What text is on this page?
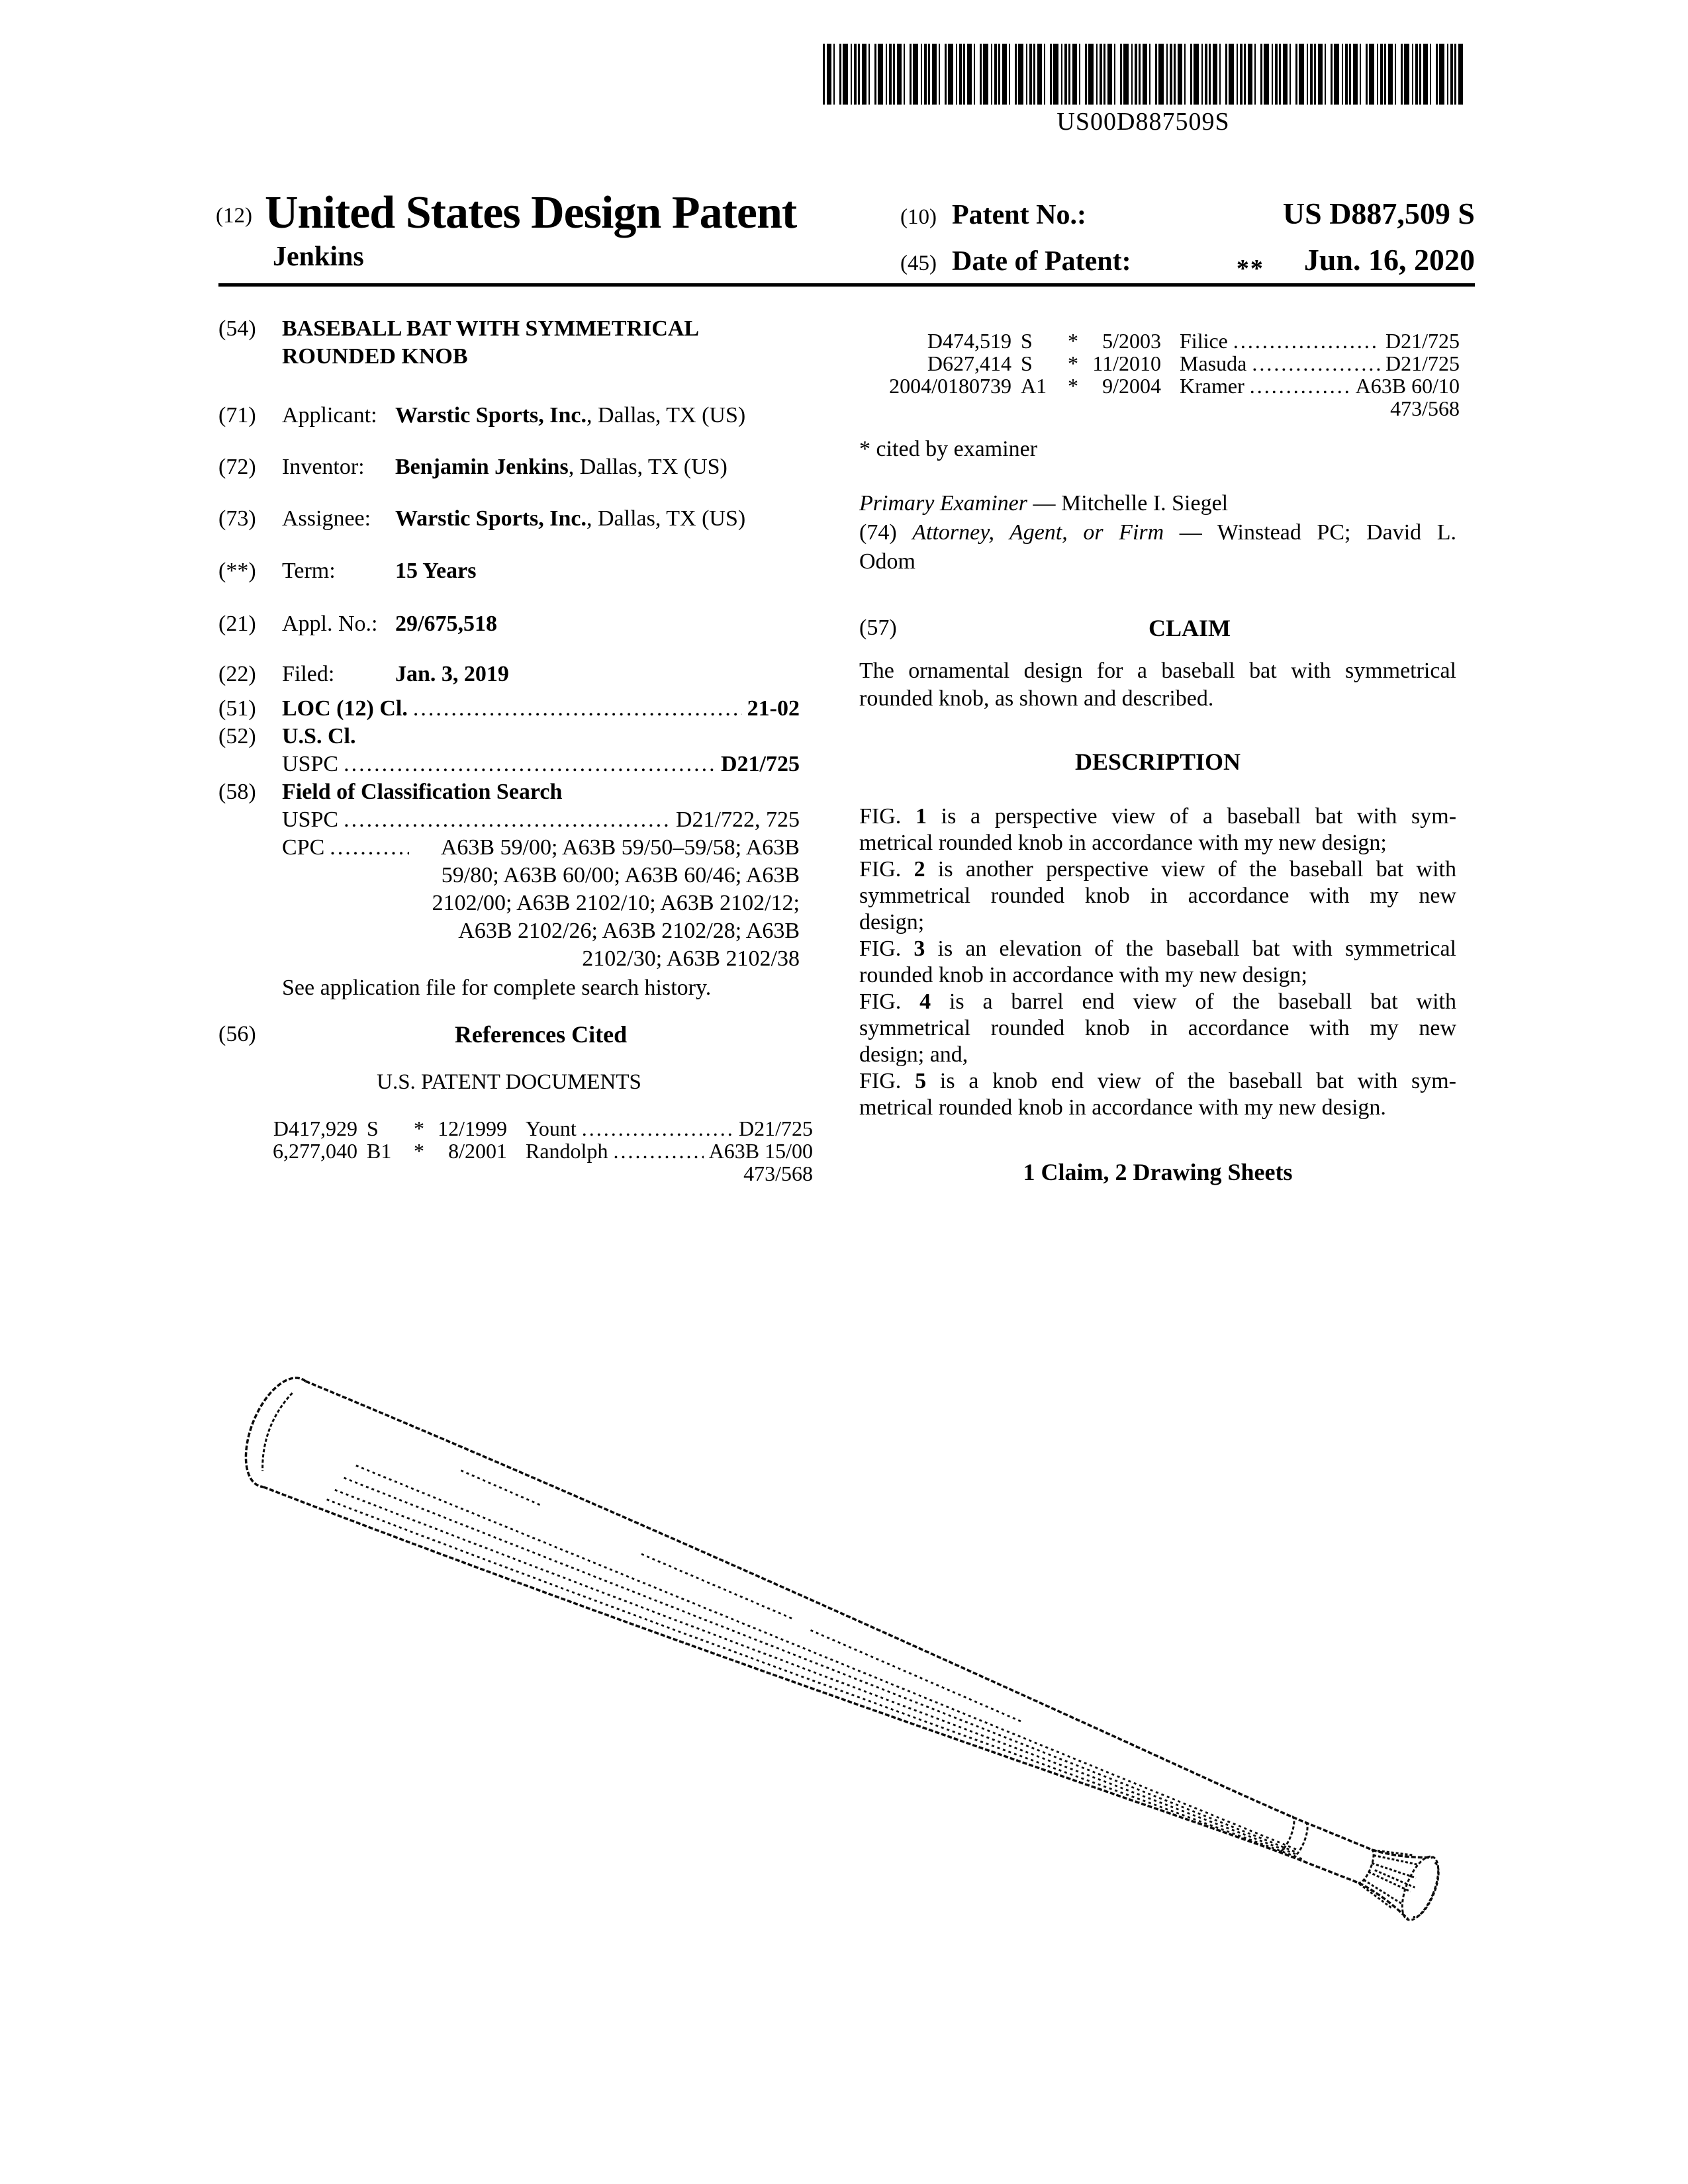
US00D887509S
(12) United States Design Patent
Jenkins
(10) Patent No.:	US D887,509 S
(45) Date of Patent:	** Jun. 16, 2020
(54)	BASEBALL BAT WITH SYMMETRICAL
ROUNDED KNOB
(71)	Applicant: Warstic Sports, Inc., Dallas, TX (US)
(72)	Inventor:	Benjamin Jenkins, Dallas, TX (US)
(73)	Assignee:	Warstic Sports, Inc., Dallas, TX (US)
(**)	Term:	15 Years
(21)	Appl. No.: 29/675,518
(22)	Filed:	Jan. 3, 2019
(51)	LOC (12) Cl. .....	21-02
(52)	U.S. Cl.
USPC .....	D21/725
(58)	Field of Classification Search
USPC .....	D21/722, 725
CPC .....	A63B 59/00; A63B 59/50–59/58; A63B
59/80; A63B 60/00; A63B 60/46; A63B
2102/00; A63B 2102/10; A63B 2102/12;
A63B 2102/26; A63B 2102/28; A63B
2102/30; A63B 2102/38
See application file for complete search history.
(56)	References Cited
U.S. PATENT DOCUMENTS
D417,929 S	* 12/1999 Yount .....	D21/725
6,277,040 B1	*	8/2001 Randolph .....	A63B 15/00
473/568
D474,519 S	*	5/2003 Filice .....	D21/725
D627,414 S	* 11/2010 Masuda .....	D21/725
2004/0180739 A1 *	9/2004 Kramer .....	A63B 60/10
473/568
* cited by examiner
Primary Examiner — Mitchelle I. Siegel
(74) Attorney, Agent, or Firm — Winstead PC; David L.
Odom
(57)	CLAIM
The ornamental design for a baseball bat with symmetrical
rounded knob, as shown and described.
DESCRIPTION
FIG. 1 is a perspective view of a baseball bat with sym-
metrical rounded knob in accordance with my new design;
FIG. 2 is another perspective view of the baseball bat with
symmetrical rounded knob in accordance with my new
design;
FIG. 3 is an elevation of the baseball bat with symmetrical
rounded knob in accordance with my new design;
FIG. 4 is a barrel end view of the baseball bat with
symmetrical rounded knob in accordance with my new
design; and,
FIG. 5 is a knob end view of the baseball bat with sym-
metrical rounded knob in accordance with my new design.
1 Claim, 2 Drawing Sheets
